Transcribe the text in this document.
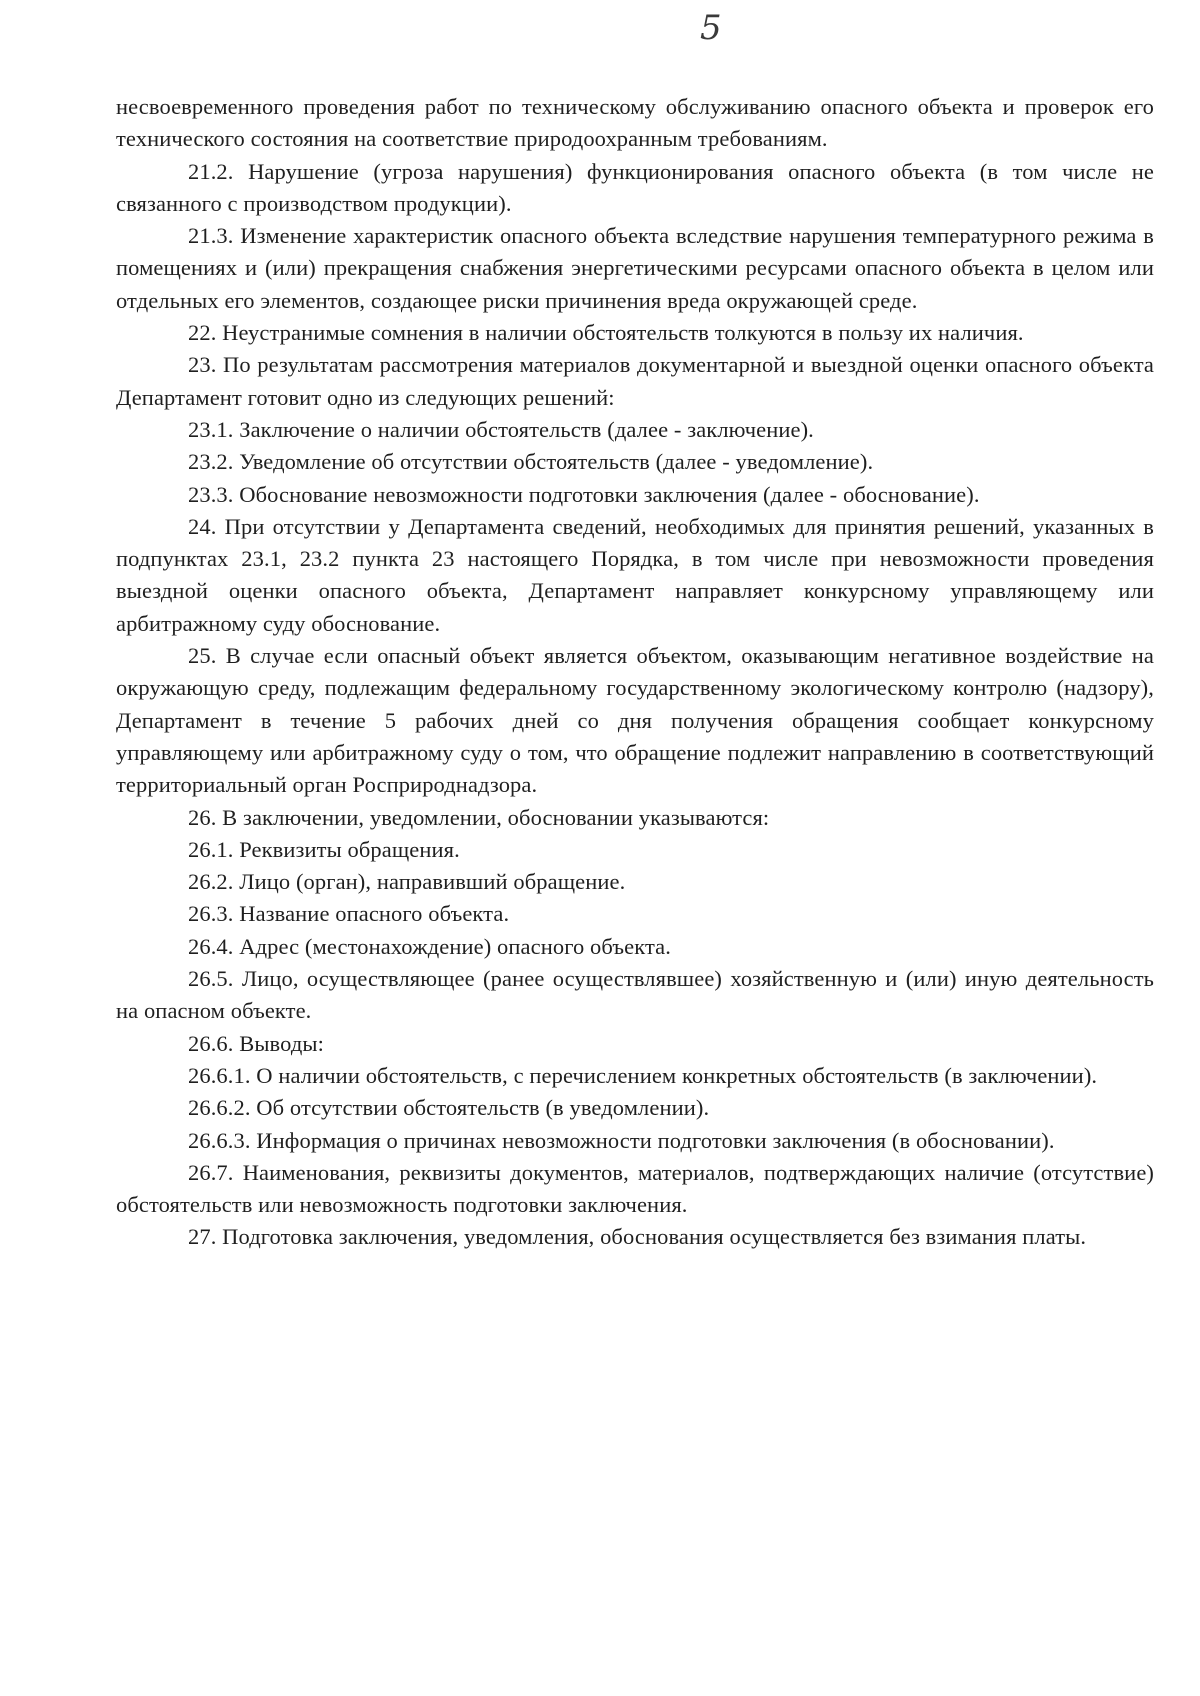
5

несвоевременного проведения работ по техническому обслуживанию опасного объекта и проверок его технического состояния на соответствие природоохранным требованиям.

21.2. Нарушение (угроза нарушения) функционирования опасного объекта (в том числе не связанного с производством продукции).

21.3. Изменение характеристик опасного объекта вследствие нарушения температурного режима в помещениях и (или) прекращения снабжения энергетическими ресурсами опасного объекта в целом или отдельных его элементов, создающее риски причинения вреда окружающей среде.

22. Неустранимые сомнения в наличии обстоятельств толкуются в пользу их наличия.

23. По результатам рассмотрения материалов документарной и выездной оценки опасного объекта Департамент готовит одно из следующих решений:

23.1. Заключение о наличии обстоятельств (далее - заключение).

23.2. Уведомление об отсутствии обстоятельств (далее - уведомление).

23.3. Обоснование невозможности подготовки заключения (далее - обоснование).

24. При отсутствии у Департамента сведений, необходимых для принятия решений, указанных в подпунктах 23.1, 23.2 пункта 23 настоящего Порядка, в том числе при невозможности проведения выездной оценки опасного объекта, Департамент направляет конкурсному управляющему или арбитражному суду обоснование.

25. В случае если опасный объект является объектом, оказывающим негативное воздействие на окружающую среду, подлежащим федеральному государственному экологическому контролю (надзору), Департамент в течение 5 рабочих дней со дня получения обращения сообщает конкурсному управляющему или арбитражному суду о том, что обращение подлежит направлению в соответствующий территориальный орган Росприроднадзора.

26. В заключении, уведомлении, обосновании указываются:

26.1. Реквизиты обращения.

26.2. Лицо (орган), направивший обращение.

26.3. Название опасного объекта.

26.4. Адрес (местонахождение) опасного объекта.

26.5. Лицо, осуществляющее (ранее осуществлявшее) хозяйственную и (или) иную деятельность на опасном объекте.

26.6. Выводы:

26.6.1. О наличии обстоятельств, с перечислением конкретных обстоятельств (в заключении).

26.6.2. Об отсутствии обстоятельств (в уведомлении).

26.6.3. Информация о причинах невозможности подготовки заключения (в обосновании).

26.7. Наименования, реквизиты документов, материалов, подтверждающих наличие (отсутствие) обстоятельств или невозможность подготовки заключения.

27. Подготовка заключения, уведомления, обоснования осуществляется без взимания платы.
